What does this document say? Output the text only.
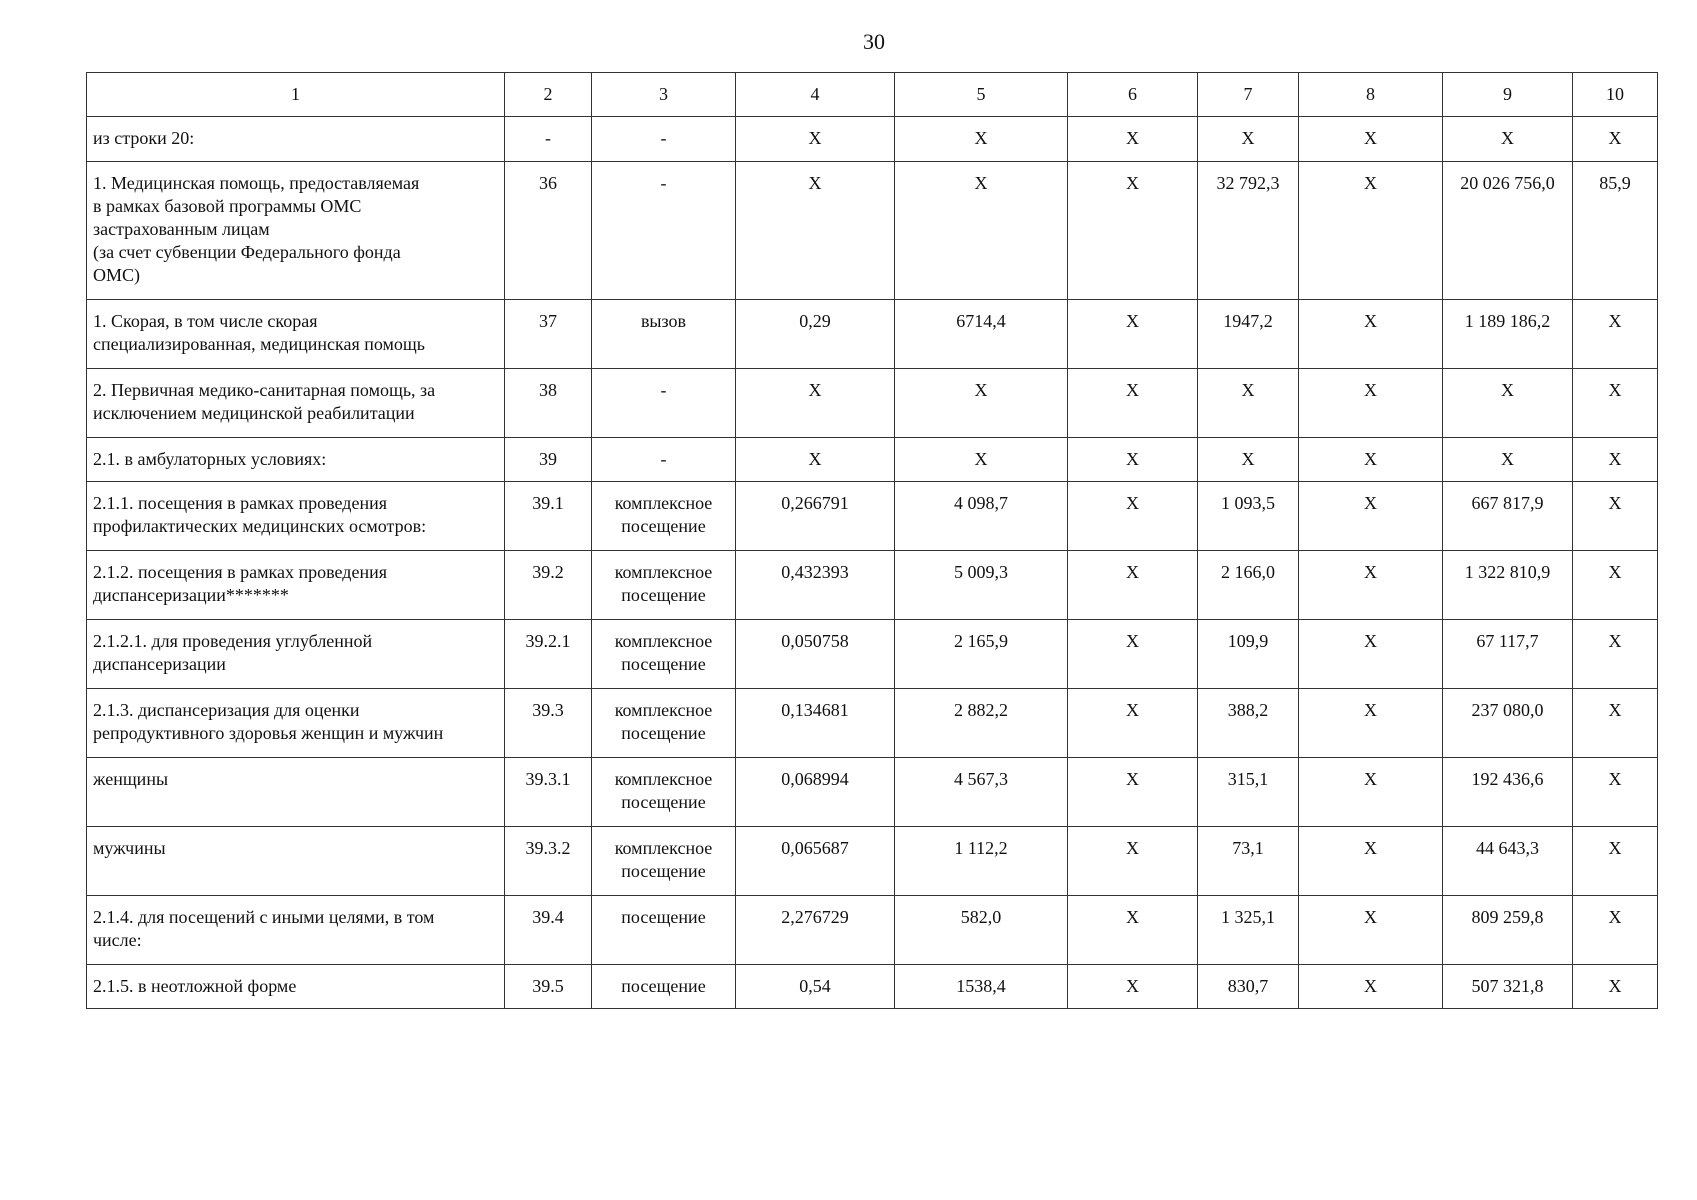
30
1	2	3	4	5	6	7	8	9	10
из строки 20:	-	-	Х	Х	Х	Х	Х	Х	Х
1. Медицинская помощь, предоставляемая
в рамках базовой программы ОМС
застрахованным лицам
(за счет субвенции Федерального фонда
ОМС)	36	-	Х	Х	Х	32 792,3	Х	20 026 756,0	85,9
1. Скорая, в том числе скорая
специализированная, медицинская помощь	37	вызов	0,29	6714,4	Х	1947,2	Х	1 189 186,2	Х
2. Первичная медико-санитарная помощь, за
исключением медицинской реабилитации	38	-	Х	Х	Х	Х	Х	Х	Х
2.1. в амбулаторных условиях:	39	-	Х	Х	Х	Х	Х	Х	Х
2.1.1. посещения в рамках проведения
профилактических медицинских осмотров:	39.1	комплексное посещение	0,266791	4 098,7	Х	1 093,5	Х	667 817,9	Х
2.1.2. посещения в рамках проведения
диспансеризации*******	39.2	комплексное посещение	0,432393	5 009,3	Х	2 166,0	Х	1 322 810,9	Х
2.1.2.1. для проведения углубленной
диспансеризации	39.2.1	комплексное посещение	0,050758	2 165,9	Х	109,9	Х	67 117,7	Х
2.1.3. диспансеризация для оценки
репродуктивного здоровья женщин и мужчин	39.3	комплексное посещение	0,134681	2 882,2	Х	388,2	Х	237 080,0	Х
женщины	39.3.1	комплексное посещение	0,068994	4 567,3	Х	315,1	Х	192 436,6	Х
мужчины	39.3.2	комплексное посещение	0,065687	1 112,2	Х	73,1	Х	44 643,3	Х
2.1.4. для посещений с иными целями, в том
числе:	39.4	посещение	2,276729	582,0	Х	1 325,1	Х	809 259,8	Х
2.1.5. в неотложной форме	39.5	посещение	0,54	1538,4	Х	830,7	Х	507 321,8	Х
